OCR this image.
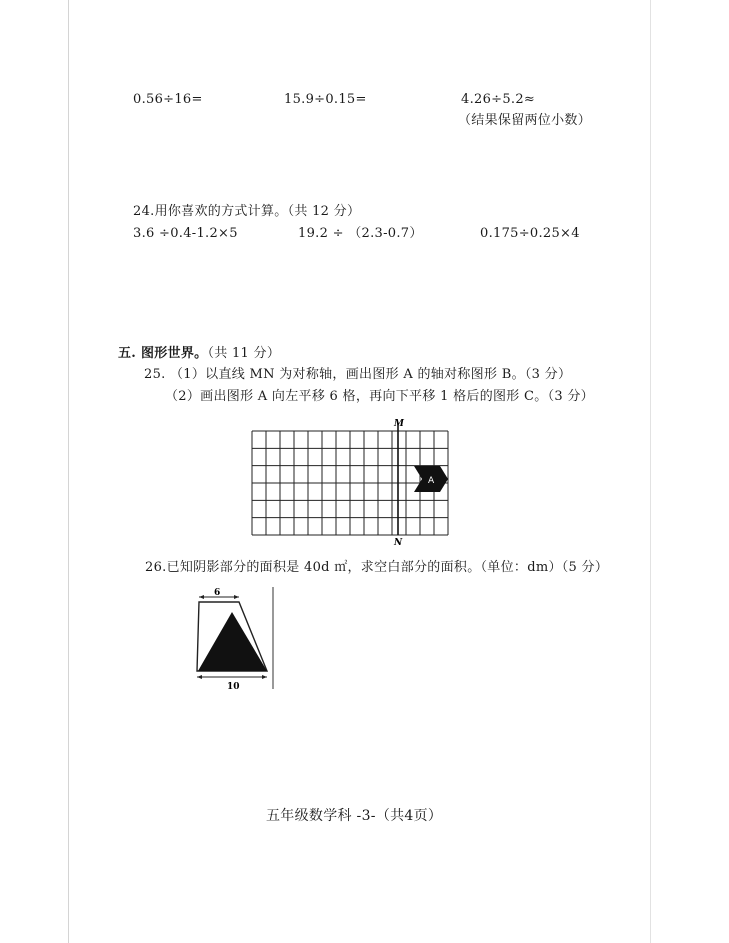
0.56÷16=	15.9÷0.15=	4.26÷5.2≈
（结果保留两位小数）
24.用你喜欢的方式计算。（共 12 分）
3.6 ÷0.4-1.2×5	19.2 ÷ （2.3-0.7）	0.175÷0.25×4
五. 图形世界。（共 11 分）
25. （1）以直线 MN 为对称轴，画出图形 A 的轴对称图形 B。（3 分）
（2）画出图形 A 向左平移 6 格，再向下平移 1 格后的图形 C。（3 分）
M
N
A
26.已知阴影部分的面积是 40d ㎡，求空白部分的面积。（单位：dm）（5 分）
6
10
五年级数学科 -3-（共4页）
